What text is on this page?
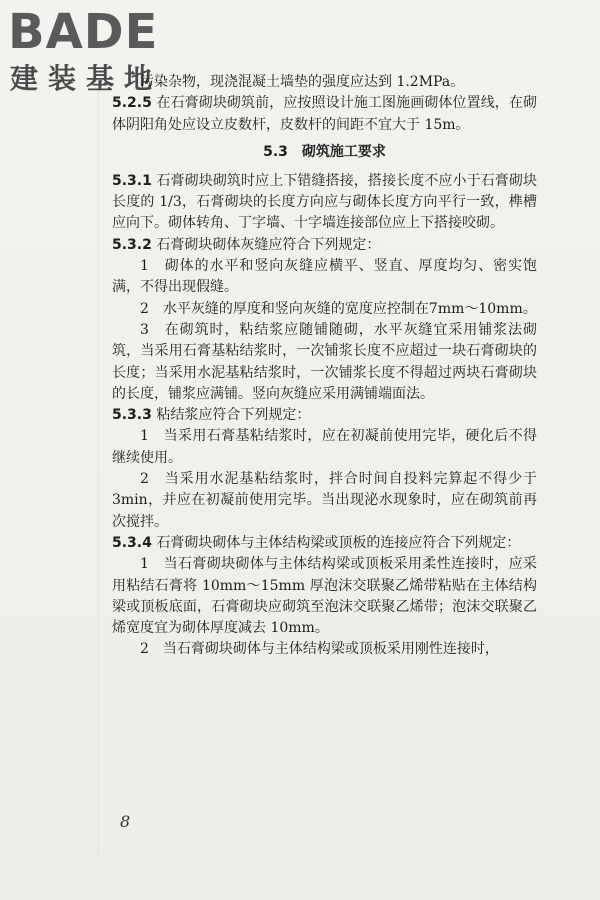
BADE
建装基地

污染杂物，现浇混凝土墙垫的强度应达到 1.2MPa。

5.2.5 在石膏砌块砌筑前，应按照设计施工图施画砌体位置线，在砌体阴阳角处应设立皮数杆，皮数杆的间距不宜大于 15m。

5.3 砌筑施工要求

5.3.1 石膏砌块砌筑时应上下错缝搭接，搭接长度不应小于石膏砌块长度的 1/3，石膏砌块的长度方向应与砌体长度方向平行一致，榫槽应向下。砌体转角、丁字墙、十字墙连接部位应上下搭接咬砌。

5.3.2 石膏砌块砌体灰缝应符合下列规定：

1　砌体的水平和竖向灰缝应横平、竖直、厚度均匀、密实饱满，不得出现假缝。

2　水平灰缝的厚度和竖向灰缝的宽度应控制在7mm～10mm。

3　在砌筑时，粘结浆应随铺随砌，水平灰缝宜采用铺浆法砌筑，当采用石膏基粘结浆时，一次铺浆长度不应超过一块石膏砌块的长度；当采用水泥基粘结浆时，一次铺浆长度不得超过两块石膏砌块的长度，铺浆应满铺。竖向灰缝应采用满铺端面法。

5.3.3 粘结浆应符合下列规定：

1　当采用石膏基粘结浆时，应在初凝前使用完毕，硬化后不得继续使用。

2　当采用水泥基粘结浆时，拌合时间自投料完算起不得少于 3min，并应在初凝前使用完毕。当出现泌水现象时，应在砌筑前再次搅拌。

5.3.4 石膏砌块砌体与主体结构梁或顶板的连接应符合下列规定：

1　当石膏砌块砌体与主体结构梁或顶板采用柔性连接时，应采用粘结石膏将 10mm～15mm 厚泡沫交联聚乙烯带粘贴在主体结构梁或顶板底面，石膏砌块应砌筑至泡沫交联聚乙烯带；泡沫交联聚乙烯宽度宜为砌体厚度减去 10mm。

2　当石膏砌块砌体与主体结构梁或顶板采用刚性连接时，

8
